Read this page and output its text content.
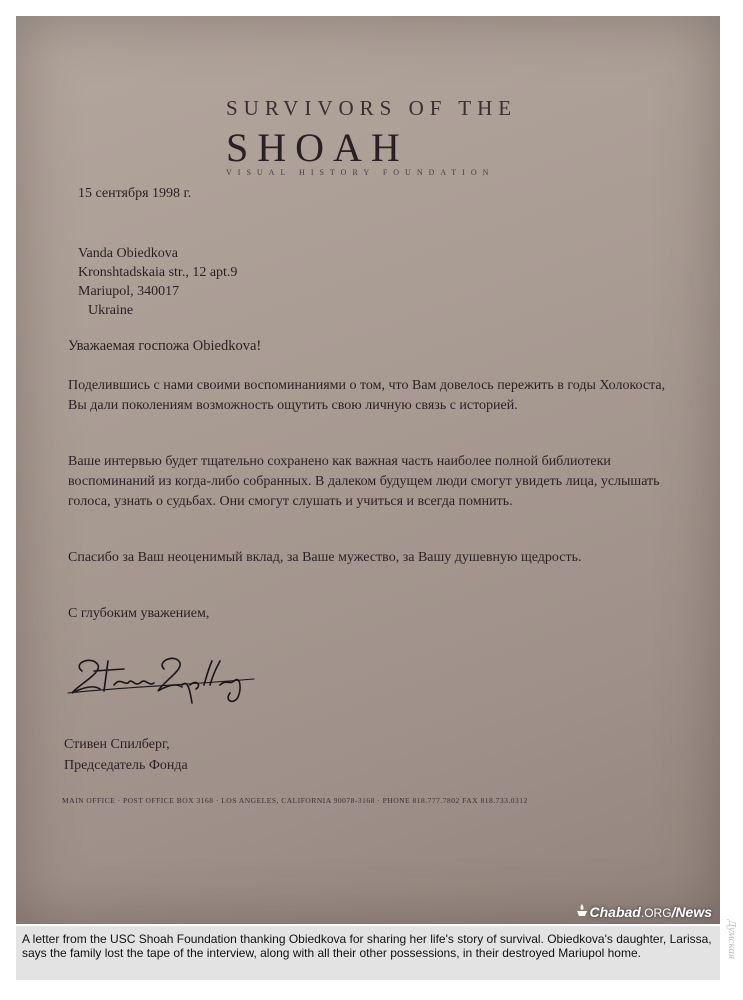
SURVIVORS OF THE
SHOAH
VISUAL HISTORY FOUNDATION
15 сентября 1998 г.
Vanda Obiedkova
Kronshtadskaia str., 12 apt.9
Mariupol, 340017
Ukraine
Уважаемая госпожа Obiedkova!
Поделившись с нами своими воспоминаниями о том, что Вам довелось пережить в годы Холокоста, Вы дали поколениям возможность ощутить свою личную связь с историей.
Ваше интервью будет тщательно сохранено как важная часть наиболее полной библиотеки воспоминаний из когда-либо собранных. В далеком будущем люди смогут увидеть лица, услышать голоса, узнать о судьбах. Они смогут слушать и учиться и всегда помнить.
Спасибо за Ваш неоценимый вклад, за Ваше мужество, за Вашу душевную щедрость.
С глубоким уважением,
Стивен Спилберг,
Председатель Фонда
MAIN OFFICE · POST OFFICE BOX 3168 · LOS ANGELES, CALIFORNIA 90078-3168 · PHONE 818.777.7802 FAX 818.733.0312
Chabad.ORG/News
A letter from the USC Shoah Foundation thanking Obiedkova for sharing her life's story of survival. Obiedkova's daughter, Larissa, says the family lost the tape of the interview, along with all their other possessions, in their destroyed Mariupol home.	Думская
